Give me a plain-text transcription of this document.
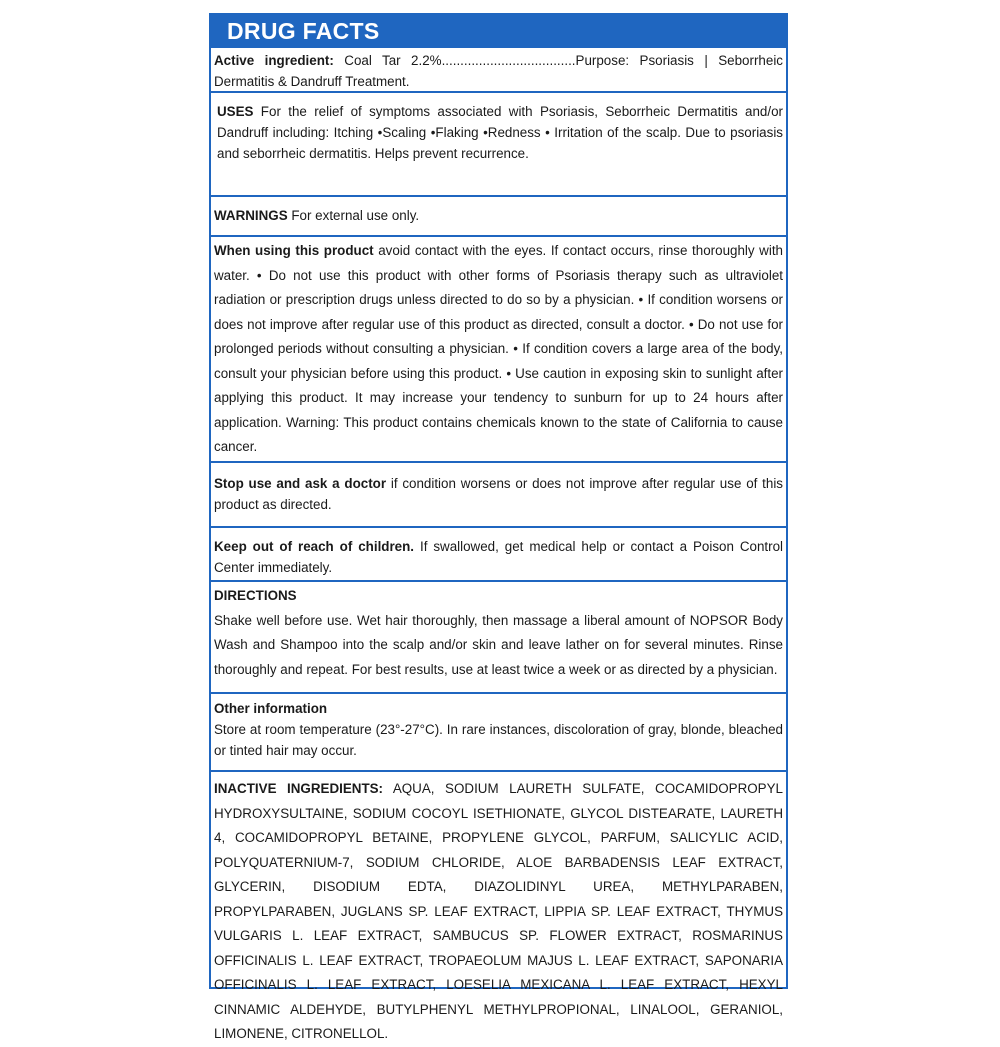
DRUG FACTS
Active ingredient: Coal Tar 2.2%....................................Purpose: Psoriasis | Seborrheic Dermatitis & Dandruff Treatment.
USES For the relief of symptoms associated with Psoriasis, Seborrheic Dermatitis and/or Dandruff including: Itching •Scaling •Flaking •Redness • Irritation of the scalp. Due to psoriasis and seborrheic dermatitis. Helps prevent recurrence.
WARNINGS For external use only.
When using this product avoid contact with the eyes. If contact occurs, rinse thoroughly with water. • Do not use this product with other forms of Psoriasis therapy such as ultraviolet radiation or prescription drugs unless directed to do so by a physician. • If condition worsens or does not improve after regular use of this product as directed, consult a doctor. • Do not use for prolonged periods without consulting a physician. • If condition covers a large area of the body, consult your physician before using this product. • Use caution in exposing skin to sunlight after applying this product. It may increase your tendency to sunburn for up to 24 hours after application. Warning: This product contains chemicals known to the state of California to cause cancer.
Stop use and ask a doctor if condition worsens or does not improve after regular use of this product as directed.
Keep out of reach of children. If swallowed, get medical help or contact a Poison Control Center immediately.
DIRECTIONS
Shake well before use. Wet hair thoroughly, then massage a liberal amount of NOPSOR Body Wash and Shampoo into the scalp and/or skin and leave lather on for several minutes. Rinse thoroughly and repeat. For best results, use at least twice a week or as directed by a physician.
Other information
Store at room temperature (23°-27°C). In rare instances, discoloration of gray, blonde, bleached or tinted hair may occur.
INACTIVE INGREDIENTS: AQUA, SODIUM LAURETH SULFATE, COCAMIDOPROPYL HYDROXYSULTAINE, SODIUM COCOYL ISETHIONATE, GLYCOL DISTEARATE, LAURETH 4, COCAMIDOPROPYL BETAINE, PROPYLENE GLYCOL, PARFUM, SALICYLIC ACID, POLYQUATERNIUM-7, SODIUM CHLORIDE, ALOE BARBADENSIS LEAF EXTRACT, GLYCERIN, DISODIUM EDTA, DIAZOLIDINYL UREA, METHYLPARABEN, PROPYLPARABEN, JUGLANS SP. LEAF EXTRACT, LIPPIA SP. LEAF EXTRACT, THYMUS VULGARIS L. LEAF EXTRACT, SAMBUCUS SP. FLOWER EXTRACT, ROSMARINUS OFFICINALIS L. LEAF EXTRACT, TROPAEOLUM MAJUS L. LEAF EXTRACT, SAPONARIA OFFICINALIS L. LEAF EXTRACT, LOESELIA MEXICANA L. LEAF EXTRACT, HEXYL CINNAMIC ALDEHYDE, BUTYLPHENYL METHYLPROPIONAL, LINALOOL, GERANIOL, LIMONENE, CITRONELLOL.
